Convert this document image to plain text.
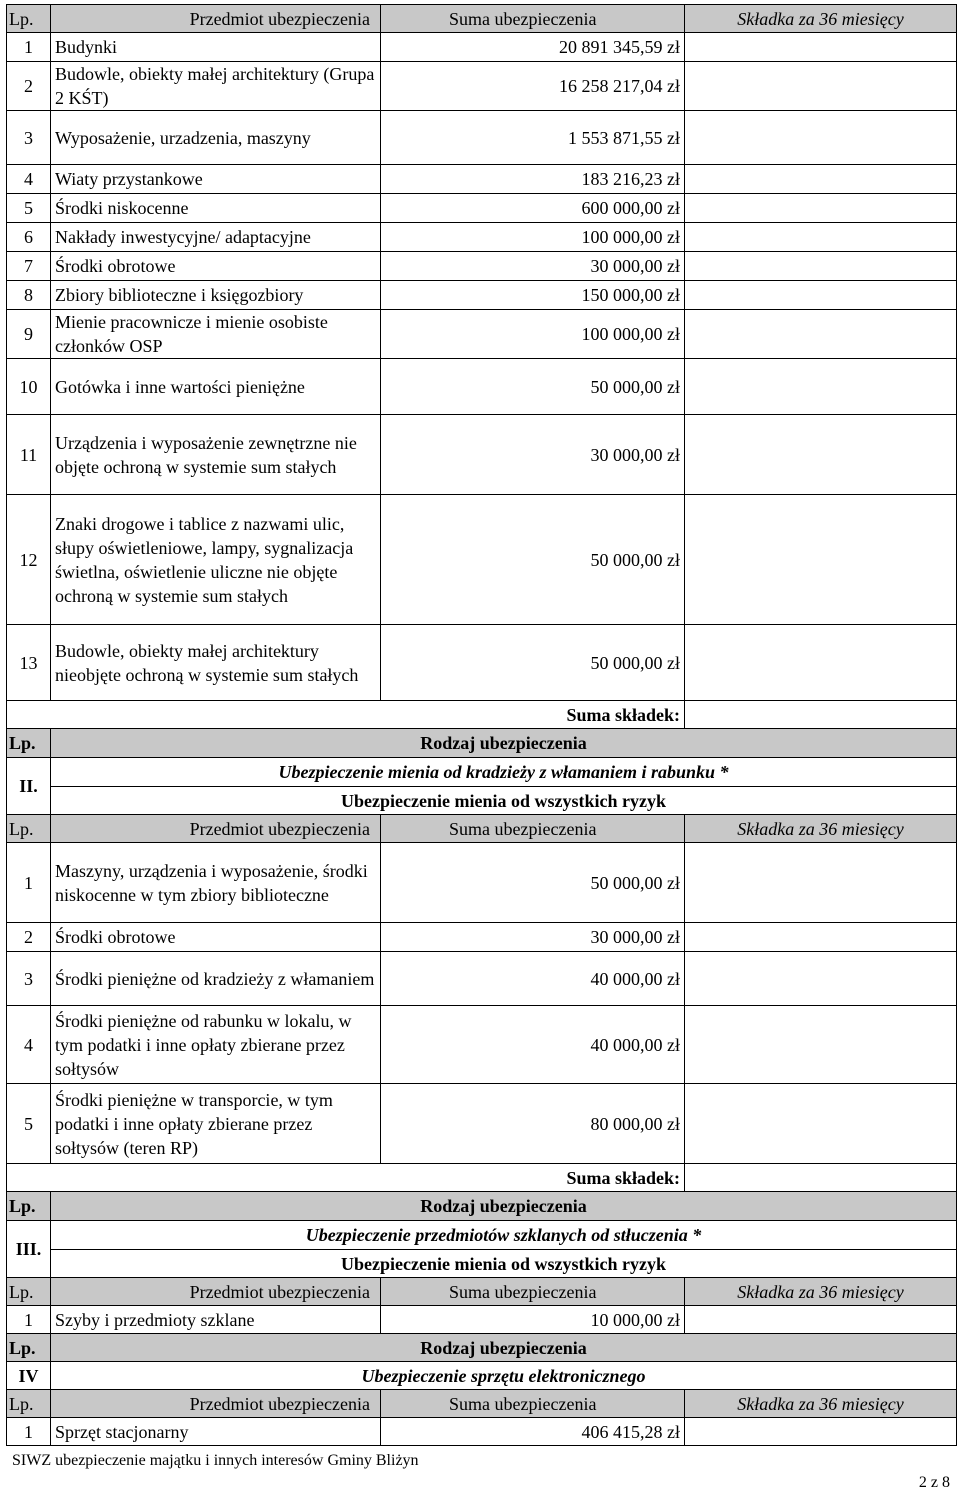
Lp.	Przedmiot ubezpieczenia	Suma ubezpieczenia	Składka za 36 miesięcy
1	Budynki	20 891 345,59 zł	
2	Budowle, obiekty małej architektury (Grupa 2 KŚT)	16 258 217,04 zł	
3	Wyposażenie, urzadzenia, maszyny	1 553 871,55 zł	
4	Wiaty przystankowe	183 216,23 zł	
5	Środki niskocenne	600 000,00 zł	
6	Nakłady inwestycyjne/ adaptacyjne	100 000,00 zł	
7	Środki obrotowe	30 000,00 zł	
8	Zbiory biblioteczne i księgozbiory	150 000,00 zł	
9	Mienie pracownicze i mienie osobiste członków OSP	100 000,00 zł	
10	Gotówka i inne wartości pieniężne	50 000,00 zł	
11	Urządzenia i wyposażenie zewnętrzne nie objęte ochroną w systemie sum stałych	30 000,00 zł	
12	Znaki drogowe i tablice z nazwami ulic, słupy oświetleniowe, lampy, sygnalizacja świetlna, oświetlenie uliczne nie objęte ochroną w systemie sum stałych	50 000,00 zł	
13	Budowle, obiekty małej architektury nieobjęte ochroną w systemie sum stałych	50 000,00 zł	
Suma składek:			
Lp.	Rodzaj ubezpieczenia		
II.	Ubezpieczenie mienia od kradzieży z włamaniem i rabunku *		
	Ubezpieczenie mienia od wszystkich ryzyk		
Lp.	Przedmiot ubezpieczenia	Suma ubezpieczenia	Składka za 36 miesięcy
1	Maszyny, urządzenia i wyposażenie, środki niskocenne w tym zbiory biblioteczne	50 000,00 zł	
2	Środki obrotowe	30 000,00 zł	
3	Środki pieniężne od kradzieży z włamaniem	40 000,00 zł	
4	Środki pieniężne od rabunku w lokalu, w tym podatki i inne opłaty zbierane przez sołtysów	40 000,00 zł	
5	Środki pieniężne w transporcie, w tym podatki i inne opłaty zbierane przez sołtysów (teren RP)	80 000,00 zł	
Suma składek:			
Lp.	Rodzaj ubezpieczenia		
III.	Ubezpieczenie przedmiotów szklanych od stłuczenia *		
	Ubezpieczenie mienia od wszystkich ryzyk		
Lp.	Przedmiot ubezpieczenia	Suma ubezpieczenia	Składka za 36 miesięcy
1	Szyby i przedmioty szklane	10 000,00 zł	
Lp.	Rodzaj ubezpieczenia		
IV	Ubezpieczenie sprzętu elektronicznego		
Lp.	Przedmiot ubezpieczenia	Suma ubezpieczenia	Składka za 36 miesięcy
1	Sprzęt stacjonarny	406 415,28 zł	
SIWZ ubezpieczenie majątku i innych interesów Gminy Bliżyn
2 z 8
